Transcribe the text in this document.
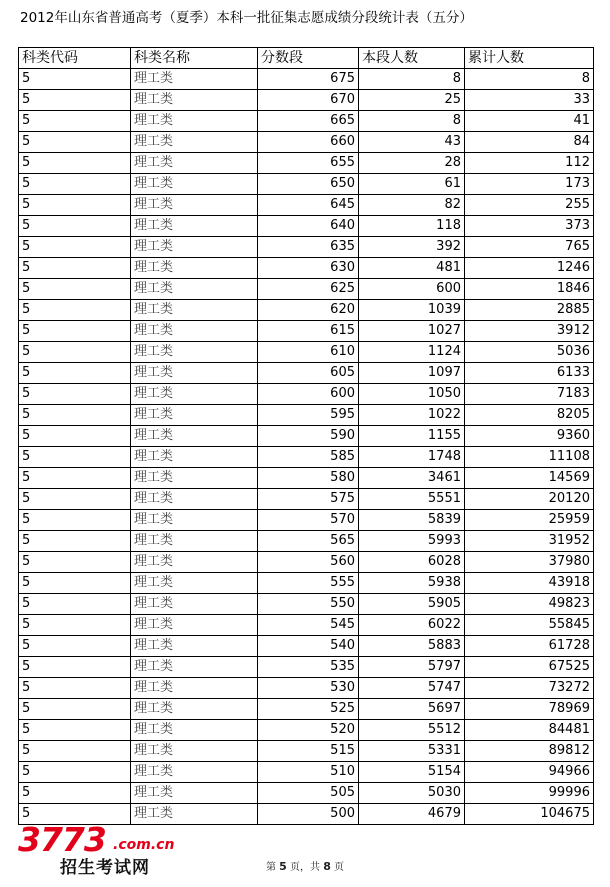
2012年山东省普通高考（夏季）本科一批征集志愿成绩分段统计表（五分）
科类代码	科类名称	分数段	本段人数	累计人数
5	理工类	675	8	8
5	理工类	670	25	33
5	理工类	665	8	41
5	理工类	660	43	84
5	理工类	655	28	112
5	理工类	650	61	173
5	理工类	645	82	255
5	理工类	640	118	373
5	理工类	635	392	765
5	理工类	630	481	1246
5	理工类	625	600	1846
5	理工类	620	1039	2885
5	理工类	615	1027	3912
5	理工类	610	1124	5036
5	理工类	605	1097	6133
5	理工类	600	1050	7183
5	理工类	595	1022	8205
5	理工类	590	1155	9360
5	理工类	585	1748	11108
5	理工类	580	3461	14569
5	理工类	575	5551	20120
5	理工类	570	5839	25959
5	理工类	565	5993	31952
5	理工类	560	6028	37980
5	理工类	555	5938	43918
5	理工类	550	5905	49823
5	理工类	545	6022	55845
5	理工类	540	5883	61728
5	理工类	535	5797	67525
5	理工类	530	5747	73272
5	理工类	525	5697	78969
5	理工类	520	5512	84481
5	理工类	515	5331	89812
5	理工类	510	5154	94966
5	理工类	505	5030	99996
5	理工类	500	4679	104675
3773 .com.cn
招生考试网	第 5 页，共 8 页
